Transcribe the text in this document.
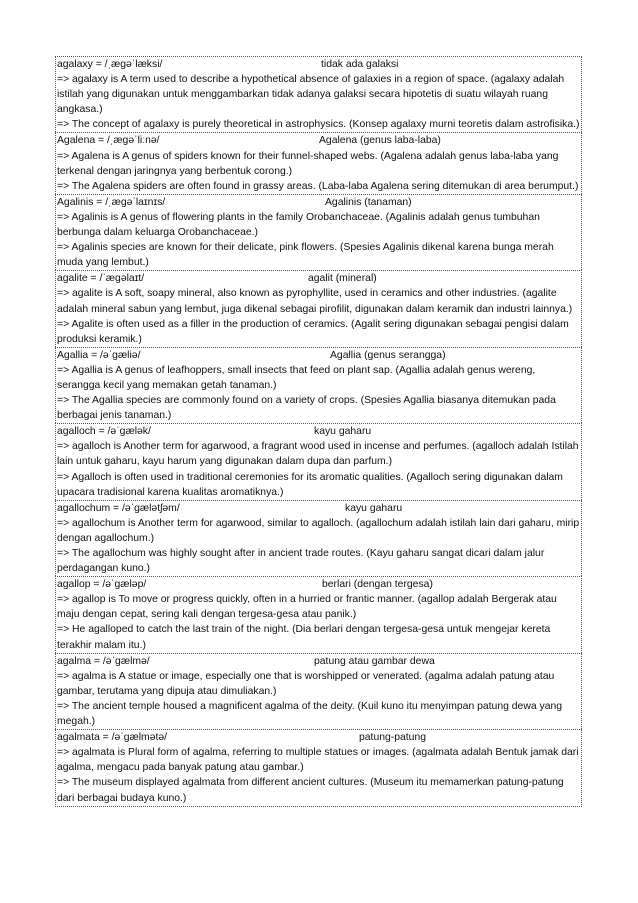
agalaxy = /ˌæɡəˈlæksi/	tidak ada galaksi

=> agalaxy is A term used to describe a hypothetical absence of galaxies in a region of space. (agalaxy adalah istilah yang digunakan untuk menggambarkan tidak adanya galaksi secara hipotetis di suatu wilayah ruang angkasa.)

=> The concept of agalaxy is purely theoretical in astrophysics. (Konsep agalaxy murni teoretis dalam astrofisika.)

Agalena = /ˌæɡəˈliːnə/	Agalena (genus laba-laba)

=> Agalena is A genus of spiders known for their funnel-shaped webs. (Agalena adalah genus laba-laba yang terkenal dengan jaringnya yang berbentuk corong.)

=> The Agalena spiders are often found in grassy areas. (Laba-laba Agalena sering ditemukan di area berumput.)

Agalinis = /ˌæɡəˈlaɪnɪs/	Agalinis (tanaman)

=> Agalinis is A genus of flowering plants in the family Orobanchaceae. (Agalinis adalah genus tumbuhan berbunga dalam keluarga Orobanchaceae.)

=> Agalinis species are known for their delicate, pink flowers. (Spesies Agalinis dikenal karena bunga merah muda yang lembut.)

agalite = /ˈæɡəlaɪt/	agalit (mineral)

=> agalite is A soft, soapy mineral, also known as pyrophyllite, used in ceramics and other industries. (agalite adalah mineral sabun yang lembut, juga dikenal sebagai pirofilit, digunakan dalam keramik dan industri lainnya.)

=> Agalite is often used as a filler in the production of ceramics. (Agalit sering digunakan sebagai pengisi dalam produksi keramik.)

Agallia = /əˈɡæliə/	Agallia (genus serangga)

=> Agallia is A genus of leafhoppers, small insects that feed on plant sap. (Agallia adalah genus wereng, serangga kecil yang memakan getah tanaman.)

=> The Agallia species are commonly found on a variety of crops. (Spesies Agallia biasanya ditemukan pada berbagai jenis tanaman.)

agalloch = /əˈɡælək/	kayu gaharu

=> agalloch is Another term for agarwood, a fragrant wood used in incense and perfumes. (agalloch adalah Istilah lain untuk gaharu, kayu harum yang digunakan dalam dupa dan parfum.)

=> Agalloch is often used in traditional ceremonies for its aromatic qualities. (Agalloch sering digunakan dalam upacara tradisional karena kualitas aromatiknya.)

agallochum = /əˈɡælətʃəm/	kayu gaharu

=> agallochum is Another term for agarwood, similar to agalloch. (agallochum adalah istilah lain dari gaharu, mirip dengan agallochum.)

=> The agallochum was highly sought after in ancient trade routes. (Kayu gaharu sangat dicari dalam jalur perdagangan kuno.)

agallop = /əˈɡæləp/	berlari (dengan tergesa)

=> agallop is To move or progress quickly, often in a hurried or frantic manner. (agallop adalah Bergerak atau maju dengan cepat, sering kali dengan tergesa-gesa atau panik.)

=> He agalloped to catch the last train of the night. (Dia berlari dengan tergesa-gesa untuk mengejar kereta terakhir malam itu.)

agalma = /əˈɡælmə/	patung atau gambar dewa

=> agalma is A statue or image, especially one that is worshipped or venerated. (agalma adalah patung atau gambar, terutama yang dipuja atau dimuliakan.)

=> The ancient temple housed a magnificent agalma of the deity. (Kuil kuno itu menyimpan patung dewa yang megah.)

agalmata = /əˈɡælmətə/	patung-patung

=> agalmata is Plural form of agalma, referring to multiple statues or images. (agalmata adalah Bentuk jamak dari agalma, mengacu pada banyak patung atau gambar.)

=> The museum displayed agalmata from different ancient cultures. (Museum itu memamerkan patung-patung dari berbagai budaya kuno.)
